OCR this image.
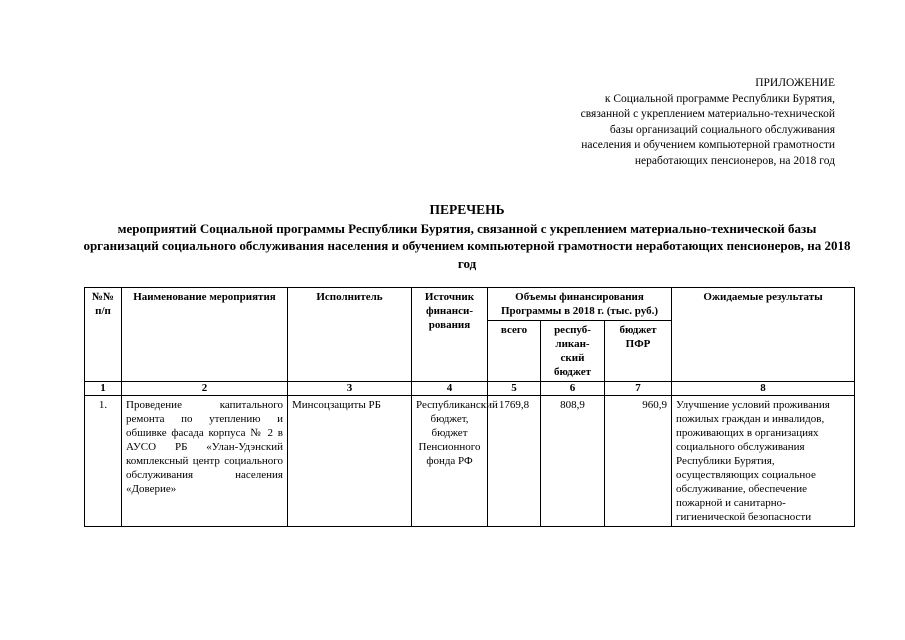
ПРИЛОЖЕНИЕ
к Социальной программе Республики Бурятия,
связанной с укреплением материально-технической
базы организаций социального обслуживания
населения и обучением компьютерной грамотности
неработающих пенсионеров, на 2018 год
ПЕРЕЧЕНЬ
мероприятий Социальной программы Республики Бурятия, связанной с укреплением материально-технической базы организаций социального обслуживания населения и обучением компьютерной грамотности неработающих пенсионеров, на 2018 год
№№ п/п	Наименование мероприятия	Исполнитель	Источник финанси-рования	Объемы финансирования Программы в 2018 г. (тыс. руб.)			Ожидаемые результаты
				всего	респуб-ликан-ский бюджет	бюджет ПФР	
1	2	3	4	5	6	7	8
1.	Проведение капитального ремонта по утеплению и обшивке фасада корпуса № 2 в АУСО РБ «Улан-Удэнский комплексный центр социального обслуживания населения «Доверие»	Минсоцзащиты РБ	Республиканский бюджет, бюджет Пенсионного фонда РФ	1769,8	808,9	960,9	Улучшение условий проживания пожилых граждан и инвалидов, проживающих в организациях социального обслуживания Республики Бурятия, осуществляющих социальное обслуживание, обеспечение пожарной и санитарно-гигиенической безопасности
